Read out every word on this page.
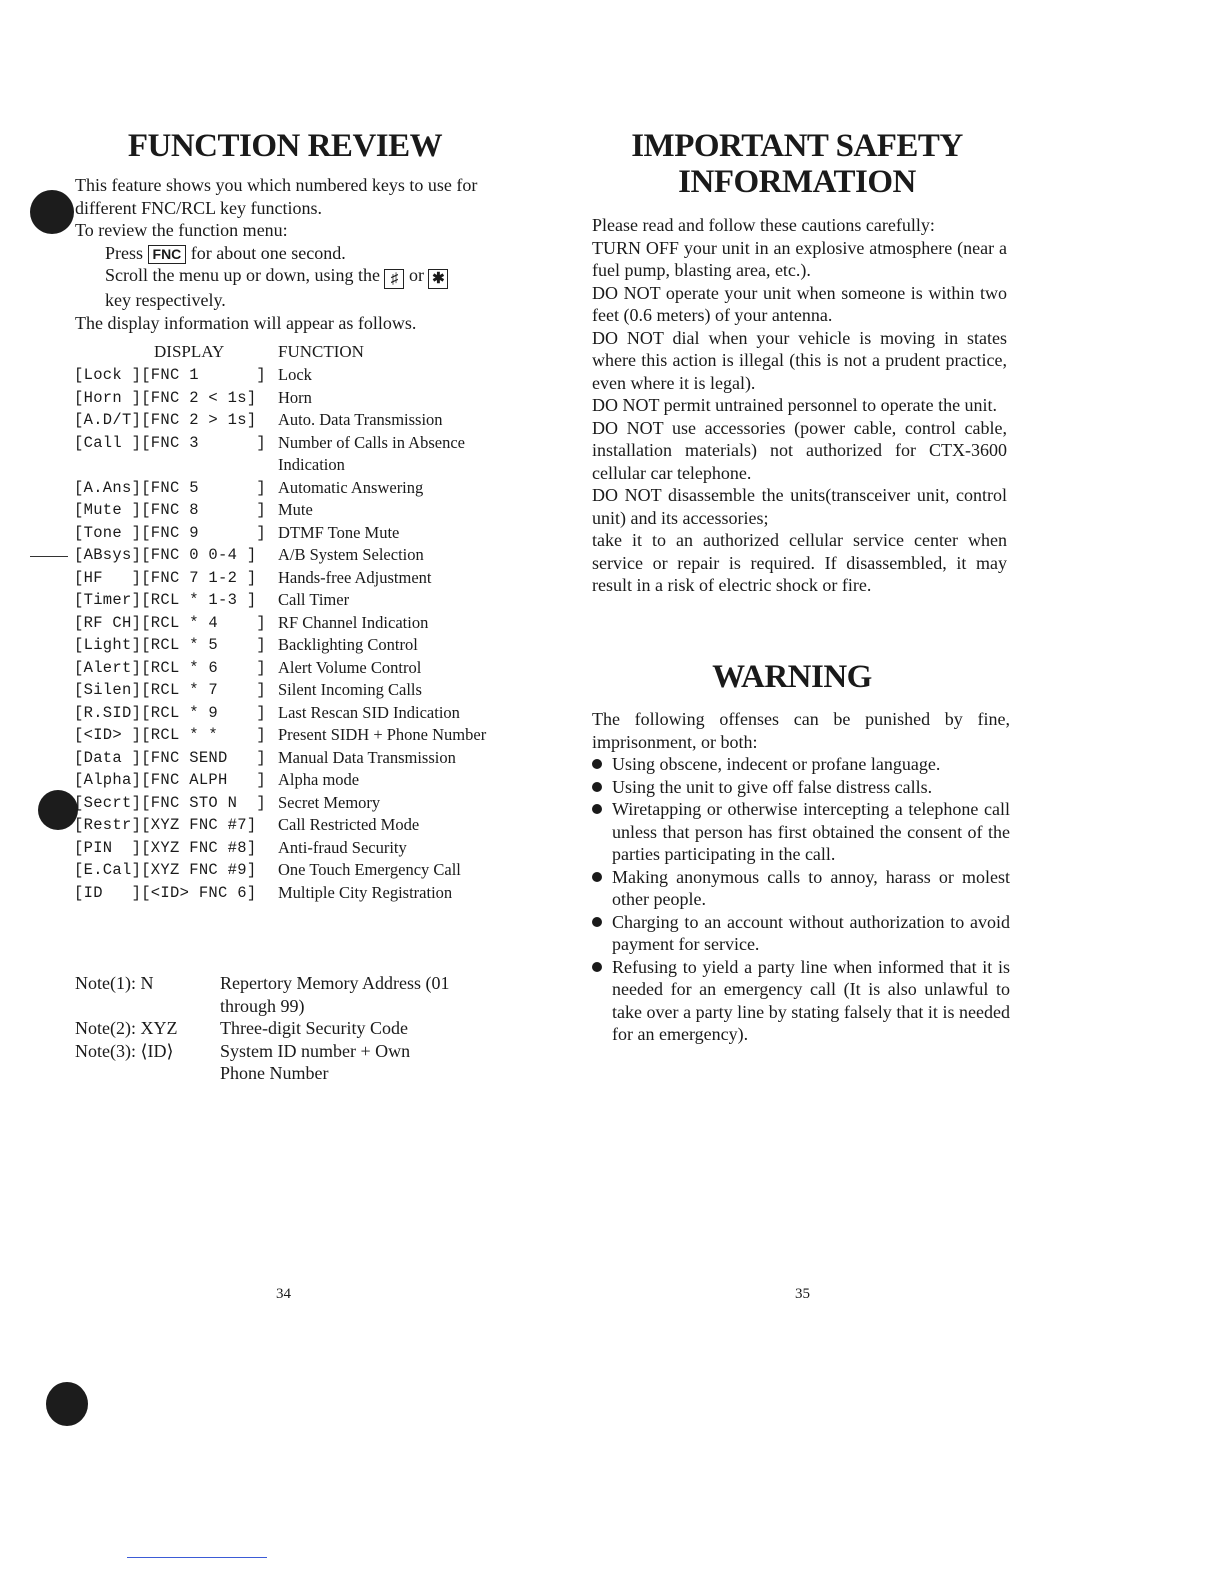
FUNCTION REVIEW

This feature shows you which numbered keys to use for different FNC/RCL key functions.

To review the function menu:

Press FNC for about one second.

Scroll the menu up or down, using the ♯ or ✱
key respectively.

The display information will appear as follows.

DISPLAY	FUNCTION
[Lock ][FNC 1      ] Lock
[Horn ][FNC 2 < 1s] Horn
[A.D/T][FNC 2 > 1s] Auto. Data Transmission
[Call ][FNC 3      ] Number of Calls in Absence Indication
[A.Ans][FNC 5      ] Automatic Answering
[Mute ][FNC 8      ] Mute
[Tone ][FNC 9      ] DTMF Tone Mute
[ABsys][FNC 0 0-4 ] A/B System Selection
[HF   ][FNC 7 1-2 ] Hands-free Adjustment
[Timer][RCL * 1-3 ] Call Timer
[RF CH][RCL * 4    ] RF Channel Indication
[Light][RCL * 5    ] Backlighting Control
[Alert][RCL * 6    ] Alert Volume Control
[Silen][RCL * 7    ] Silent Incoming Calls
[R.SID][RCL * 9    ] Last Rescan SID Indication
[<ID> ][RCL * *    ] Present SIDH + Phone Number
[Data ][FNC SEND   ] Manual Data Transmission
[Alpha][FNC ALPH   ] Alpha mode
[Secrt][FNC STO N  ] Secret Memory
[Restr][XYZ FNC #7] Call Restricted Mode
[PIN  ][XYZ FNC #8] Anti-fraud Security
[E.Cal][XYZ FNC #9] One Touch Emergency Call
[ID   ][<ID> FNC 6] Multiple City Registration
Note(1): N	Repertory Memory Address (01 through 99)
Note(2): XYZ Three-digit Security Code
Note(3): ⟨ID⟩	System ID number + Own Phone Number
34
IMPORTANT SAFETY INFORMATION

Please read and follow these cautions carefully:

TURN OFF your unit in an explosive atmosphere (near a fuel pump, blasting area, etc.).

DO NOT operate your unit when someone is within two feet (0.6 meters) of your antenna.

DO NOT dial when your vehicle is moving in states where this action is illegal (this is not a prudent practice, even where it is legal).

DO NOT permit untrained personnel to operate the unit.

DO NOT use accessories (power cable, control cable, installation materials) not authorized for CTX-3600 cellular car telephone.

DO NOT disassemble the units(transceiver unit, control unit) and its accessories;

take it to an authorized cellular service center when service or repair is required. If disassembled, it may result in a risk of electric shock or fire.

WARNING

The following offenses can be punished by fine, imprisonment, or both:

Using obscene, indecent or profane language.
Using the unit to give off false distress calls.
Wiretapping or otherwise intercepting a telephone call unless that person has first obtained the consent of the parties participating in the call.
Making anonymous calls to annoy, harass or molest other people.
Charging to an account without authorization to avoid payment for service.
Refusing to yield a party line when informed that it is needed for an emergency call (It is also unlawful to take over a party line by stating falsely that it is needed for an emergency).
35
